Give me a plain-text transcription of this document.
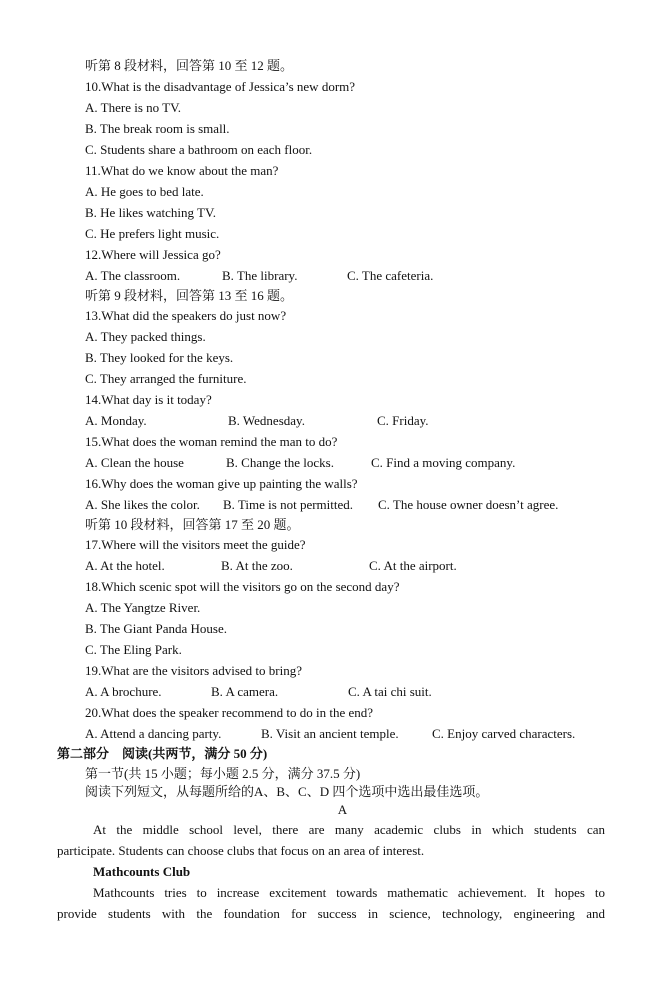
听第 8 段材料，回答第 10 至 12 题。
10.What is the disadvantage of Jessica’s new dorm?
A. There is no TV.
B. The break room is small.
C. Students share a bathroom on each floor.
11.What do we know about the man?
A. He goes to bed late.
B. He likes watching TV.
C. He prefers light music.
12.Where will Jessica go?
A. The classroom.	B. The library.	C. The cafeteria.
听第 9 段材料，回答第 13 至 16 题。
13.What did the speakers do just now?
A. They packed things.
B. They looked for the keys.
C. They arranged the furniture.
14.What day is it today?
A. Monday.	B. Wednesday.	C. Friday.
15.What does the woman remind the man to do?
A. Clean the house	B. Change the locks.	C. Find a moving company.
16.Why does the woman give up painting the walls?
A. She likes the color. B. Time is not permitted. C. The house owner doesn’t agree.
听第 10 段材料，回答第 17 至 20 题。
17.Where will the visitors meet the guide?
A. At the hotel.	B. At the zoo.	C. At the airport.
18.Which scenic spot will the visitors go on the second day?
A. The Yangtze River.
B. The Giant Panda House.
C. The Eling Park.
19.What are the visitors advised to bring?
A. A brochure.	B. A camera.	C. A tai chi suit.
20.What does the speaker recommend to do in the end?
A. Attend a dancing party.	B. Visit an ancient temple.	C. Enjoy carved characters.
第二部分　阅读(共两节，满分 50 分)
第一节(共 15 小题；每小题 2.5 分，满分 37.5 分)
阅读下列短文，从每题所给的A、B、C、D 四个选项中选出最佳选项。
A
At the middle school level, there are many academic clubs in which students can
participate. Students can choose clubs that focus on an area of interest.
Mathcounts Club
Mathcounts tries to increase excitement towards mathematic achievement. It hopes to
provide students with the foundation for success in science, technology, engineering and
